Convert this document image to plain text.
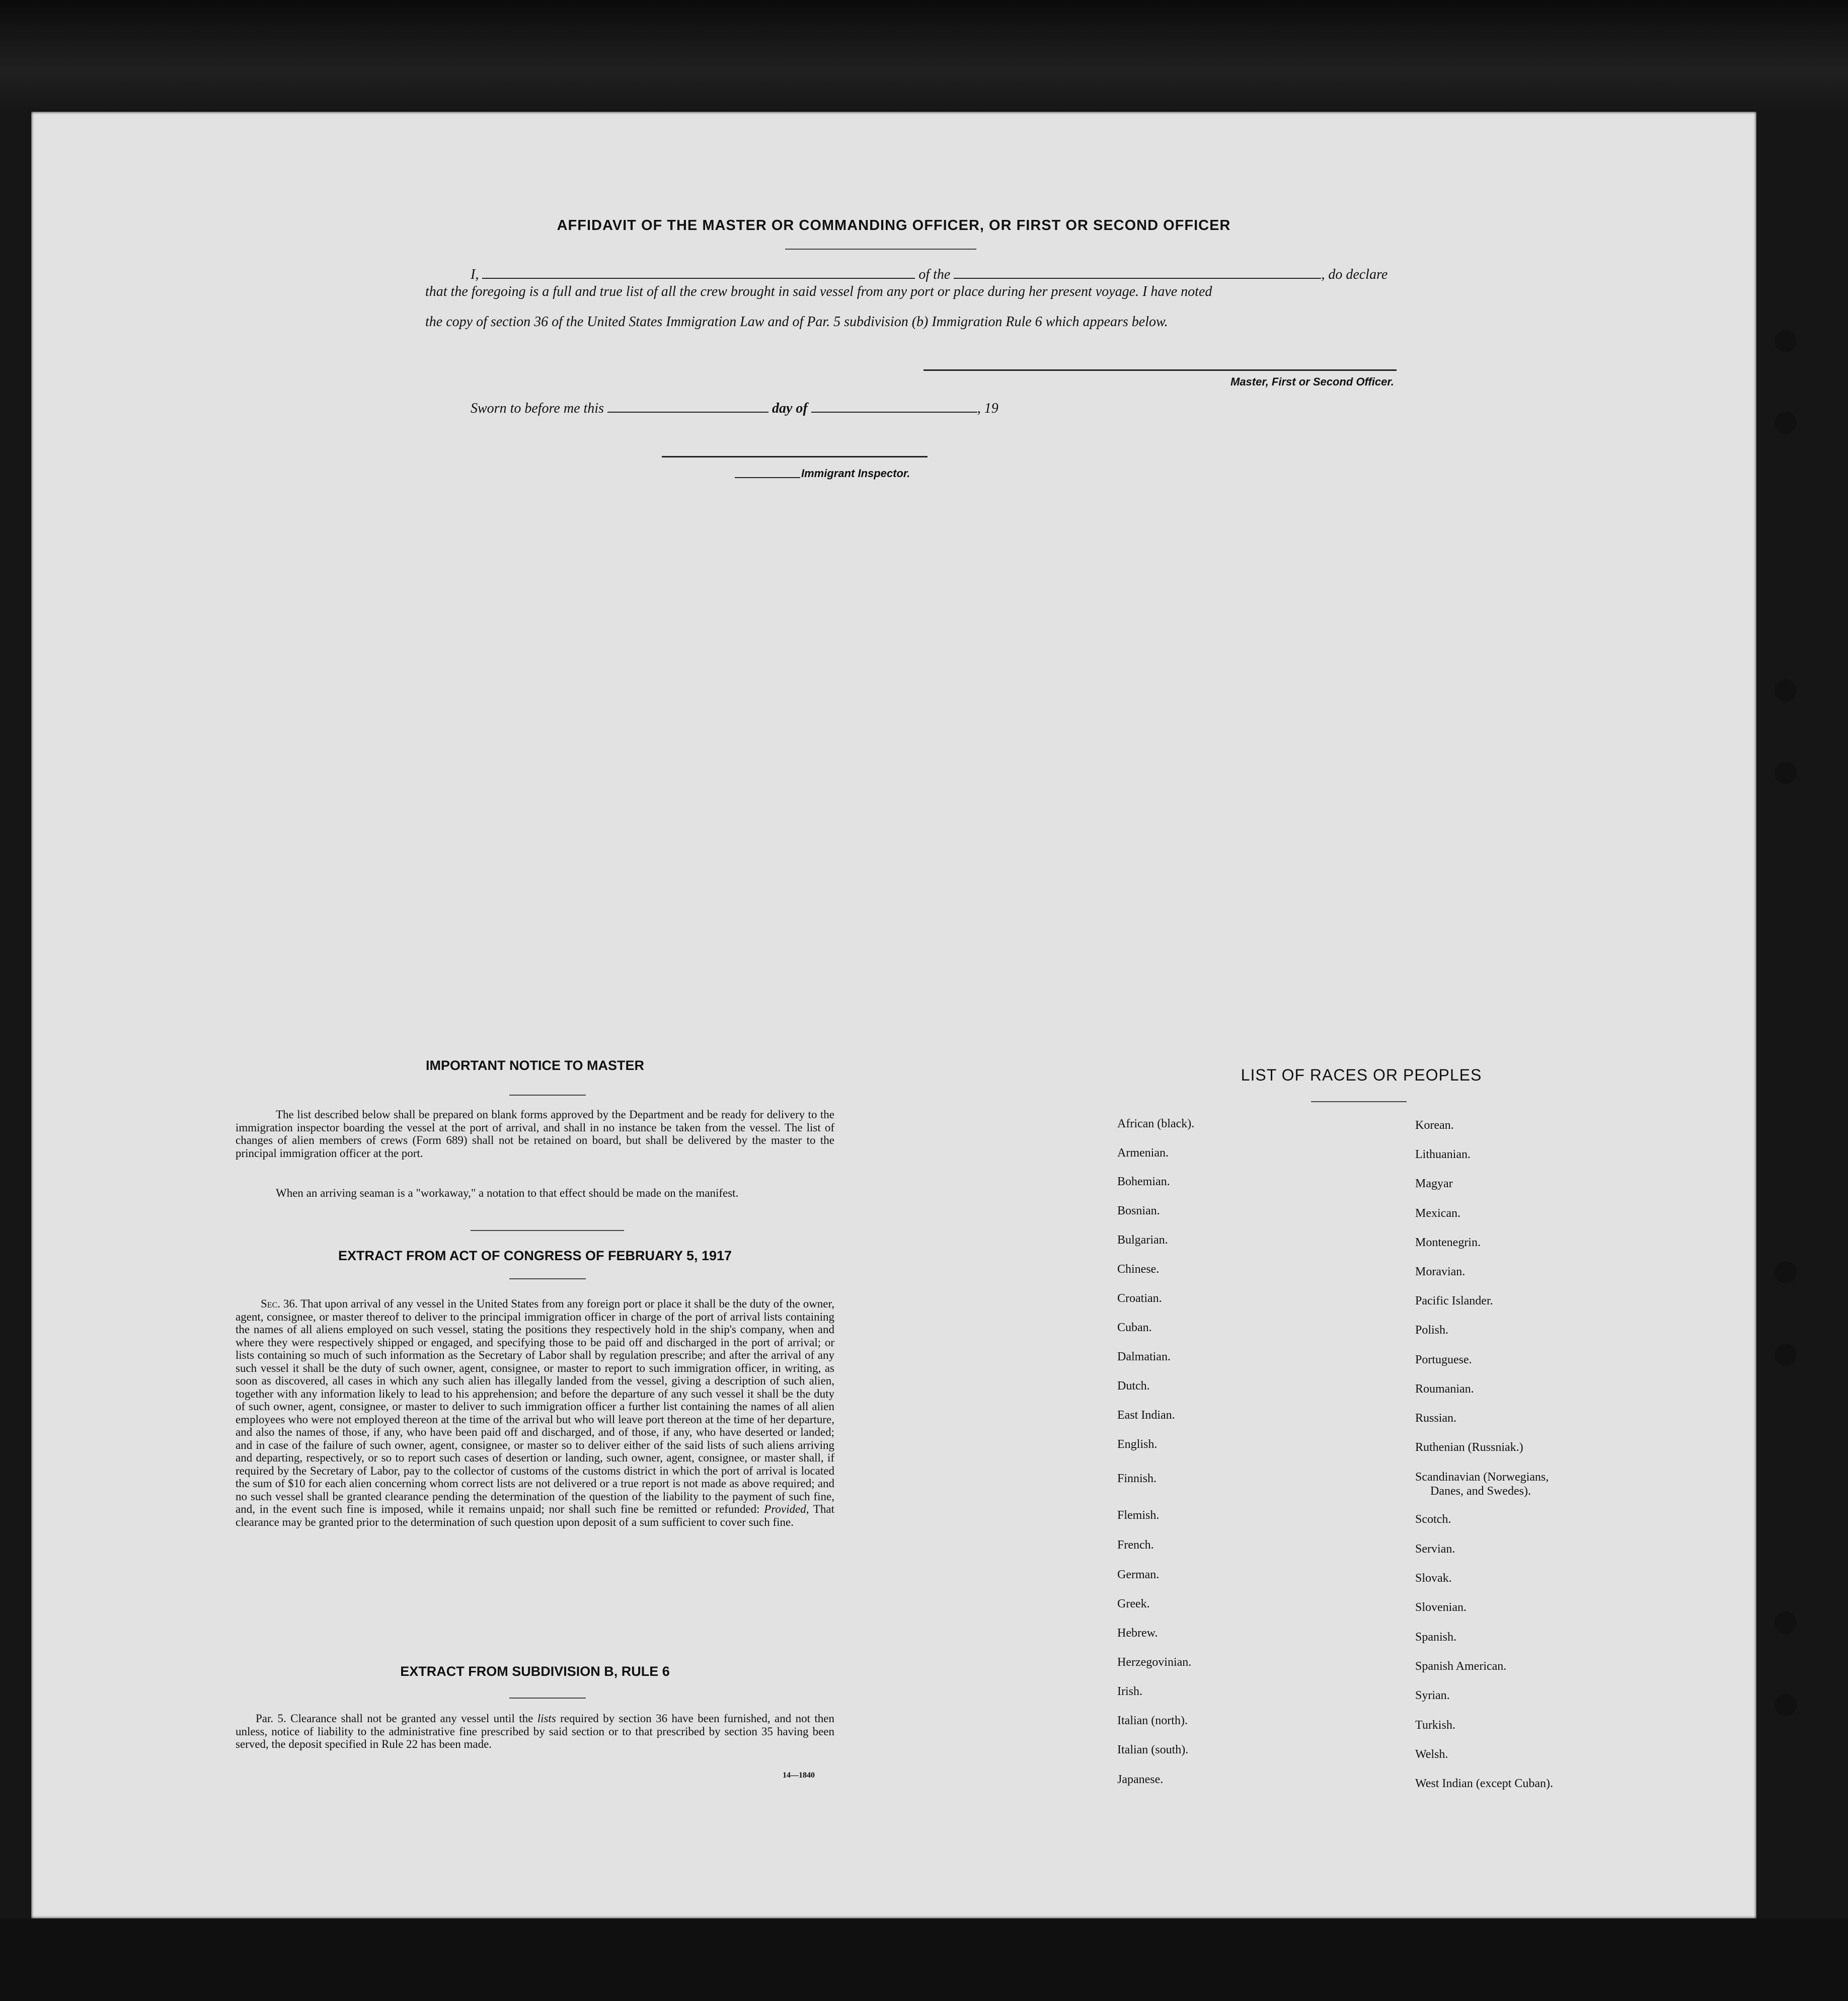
AFFIDAVIT OF THE MASTER OR COMMANDING OFFICER, OR FIRST OR SECOND OFFICER
I,	of the	, do declare
that the foregoing is a full and true list of all the crew brought in said vessel from any port or place during her present voyage. I have noted
the copy of section 36 of the United States Immigration Law and of Par. 5 subdivision (b) Immigration Rule 6 which appears below.
Master, First or Second Officer.
Sworn to before me this	day of	, 19
Immigrant Inspector.
IMPORTANT NOTICE TO MASTER

The list described below shall be prepared on blank forms approved by the Department and be ready for delivery to the immigration inspector boarding the vessel at the port of arrival, and shall in no instance be taken from the vessel. The list of changes of alien members of crews (Form 689) shall not be retained on board, but shall be delivered by the master to the principal immigration officer at the port.

When an arriving seaman is a "workaway," a notation to that effect should be made on the manifest.

EXTRACT FROM ACT OF CONGRESS OF FEBRUARY 5, 1917

Sec. 36. That upon arrival of any vessel in the United States from any foreign port or place it shall be the duty of the owner, agent, consignee, or master thereof to deliver to the principal immigration officer in charge of the port of arrival lists containing the names of all aliens employed on such vessel, stating the positions they respectively hold in the ship's company, when and where they were respectively shipped or engaged, and specifying those to be paid off and discharged in the port of arrival; or lists containing so much of such information as the Secretary of Labor shall by regulation prescribe; and after the arrival of any such vessel it shall be the duty of such owner, agent, consignee, or master to report to such immigration officer, in writing, as soon as discovered, all cases in which any such alien has illegally landed from the vessel, giving a description of such alien, together with any information likely to lead to his apprehension; and before the departure of any such vessel it shall be the duty of such owner, agent, consignee, or master to deliver to such immigration officer a further list containing the names of all alien employees who were not employed thereon at the time of the arrival but who will leave port thereon at the time of her departure, and also the names of those, if any, who have been paid off and discharged, and of those, if any, who have deserted or landed; and in case of the failure of such owner, agent, consignee, or master so to deliver either of the said lists of such aliens arriving and departing, respectively, or so to report such cases of desertion or landing, such owner, agent, consignee, or master shall, if required by the Secretary of Labor, pay to the collector of customs of the customs district in which the port of arrival is located the sum of $10 for each alien concerning whom correct lists are not delivered or a true report is not made as above required; and no such vessel shall be granted clearance pending the determination of the question of the liability to the payment of such fine, and, in the event such fine is imposed, while it remains unpaid; nor shall such fine be remitted or refunded: Provided, That clearance may be granted prior to the determination of such question upon deposit of a sum sufficient to cover such fine.

EXTRACT FROM SUBDIVISION B, RULE 6

Par. 5. Clearance shall not be granted any vessel until the lists required by section 36 have been furnished, and not then unless, notice of liability to the administrative fine prescribed by said section or to that prescribed by section 35 having been served, the deposit specified in Rule 22 has been made.

14—1840
LIST OF RACES OR PEOPLES
African (black).
Armenian.
Bohemian.
Bosnian.
Bulgarian.
Chinese.
Croatian.
Cuban.
Dalmatian.
Dutch.
East Indian.
English.
Finnish.
Flemish.
French.
German.
Greek.
Hebrew.
Herzegovinian.
Irish.
Italian (north).
Italian (south).
Japanese.
Korean.
Lithuanian.
Magyar
Mexican.
Montenegrin.
Moravian.
Pacific Islander.
Polish.
Portuguese.
Roumanian.
Russian.
Ruthenian (Russniak.)
Scandinavian (Norwegians,
Scotch.
Servian.
Slovak.
Slovenian.
Spanish.
Spanish American.
Syrian.
Turkish.
Welsh.
West Indian (except Cuban).
Danes, and Swedes).
